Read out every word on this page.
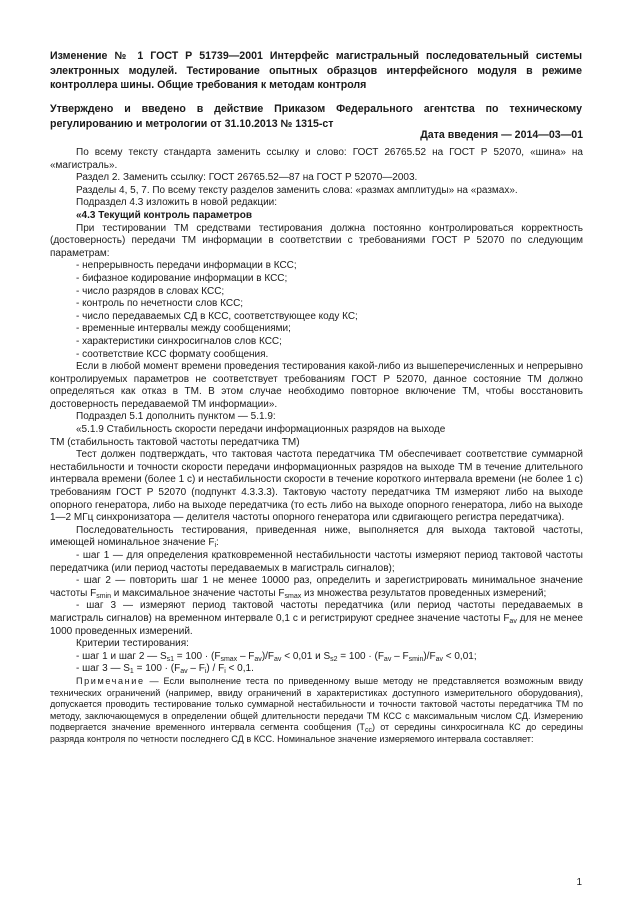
Изменение № 1 ГОСТ Р 51739—2001 Интерфейс магистральный последовательный системы электронных модулей. Тестирование опытных образцов интерфейсного модуля в режиме контроллера шины. Общие требования к методам контроля

Утверждено и введено в действие Приказом Федерального агентства по техническому регулированию и метрологии от 31.10.2013 № 1315-ст

Дата введения — 2014—03—01

По всему тексту стандарта заменить ссылку и слово: ГОСТ 26765.52 на ГОСТ Р 52070, «шина» на «магистраль».

Раздел 2. Заменить ссылку: ГОСТ 26765.52—87 на ГОСТ Р 52070—2003.

Разделы 4, 5, 7. По всему тексту разделов заменить слова: «размах амплитуды» на «размах».

Подраздел 4.3 изложить в новой редакции:

«4.3 Текущий контроль параметров

При тестировании ТМ средствами тестирования должна постоянно контролироваться корректность (достоверность) передачи ТМ информации в соответствии с требованиями ГОСТ Р 52070 по следующим параметрам:

- непрерывность передачи информации в КСС;

- бифазное кодирование информации в КСС;

- число разрядов в словах КСС;

- контроль по нечетности слов КСС;

- число передаваемых СД в КСС, соответствующее коду КС;

- временные интервалы между сообщениями;

- характеристики синхросигналов слов КСС;

- соответствие КСС формату сообщения.

Если в любой момент времени проведения тестирования какой-либо из вышеперечисленных и непрерывно контролируемых параметров не соответствует требованиям ГОСТ Р 52070, данное состояние ТМ должно определяться как отказ в ТМ. В этом случае необходимо повторное включение ТМ, чтобы восстановить достоверность передаваемой ТМ информации».

Подраздел 5.1 дополнить пунктом — 5.1.9:

«5.1.9 Стабильность скорости передачи информационных разрядов на выходе

ТМ (стабильность тактовой частоты передатчика ТМ)

Тест должен подтверждать, что тактовая частота передатчика ТМ обеспечивает соответствие суммарной нестабильности и точности скорости передачи информационных разрядов на выходе ТМ в течение длительного интервала времени (более 1 с) и нестабильности скорости в течение короткого интервала времени (не более 1 с) требованиям ГОСТ Р 52070 (подпункт 4.3.3.3). Тактовую частоту передатчика ТМ измеряют либо на выходе опорного генератора, либо на выходе передатчика (то есть либо на выходе опорного генератора, либо на выходе 1—2 МГц синхронизатора — делителя частоты опорного генератора или сдвигающего регистра передатчика).

Последовательность тестирования, приведенная ниже, выполняется для выхода тактовой частоты, имеющей номинальное значение $F_i$:

- шаг 1 — для определения кратковременной нестабильности частоты измеряют период тактовой частоты передатчика (или период частоты передаваемых в магистраль сигналов);

- шаг 2 — повторить шаг 1 не менее 10000 раз, определить и зарегистрировать минимальное значение частоты $F_{smin}$ и максимальное значение частоты $F_{smax}$ из множества результатов проведенных измерений;

- шаг 3 — измеряют период тактовой частоты передатчика (или период частоты передаваемых в магистраль сигналов) на временном интервале 0,1 с и регистрируют среднее значение частоты $F_{av}$ для не менее 1000 проведенных измерений.

Критерии тестирования:

- шаг 1 и шаг 2 — $S_{s1} = 100 \cdot (F_{smax} - F_{av})/F_{av} < 0,01$ и $S_{s2} = 100 \cdot (F_{av} - F_{smin})/F_{av} < 0,01$;

- шаг 3 — $S_1 = 100 \cdot (F_{av} - F_i) / F_i < 0,1$.

Примечание — Если выполнение теста по приведенному выше методу не представляется возможным ввиду технических ограничений (например, ввиду ограничений в характеристиках доступного измерительного оборудования), допускается проводить тестирование только суммарной нестабильности и точности тактовой частоты передатчика ТМ по методу, заключающемуся в определении общей длительности передачи ТМ КСС с максимальным числом СД. Измерению подвергается значение временного интервала сегмента сообщения $(T_{сс})$ от середины синхросигнала КС до середины разряда контроля по четности последнего СД в КСС. Номинальное значение измеряемого интервала составляет:

1
